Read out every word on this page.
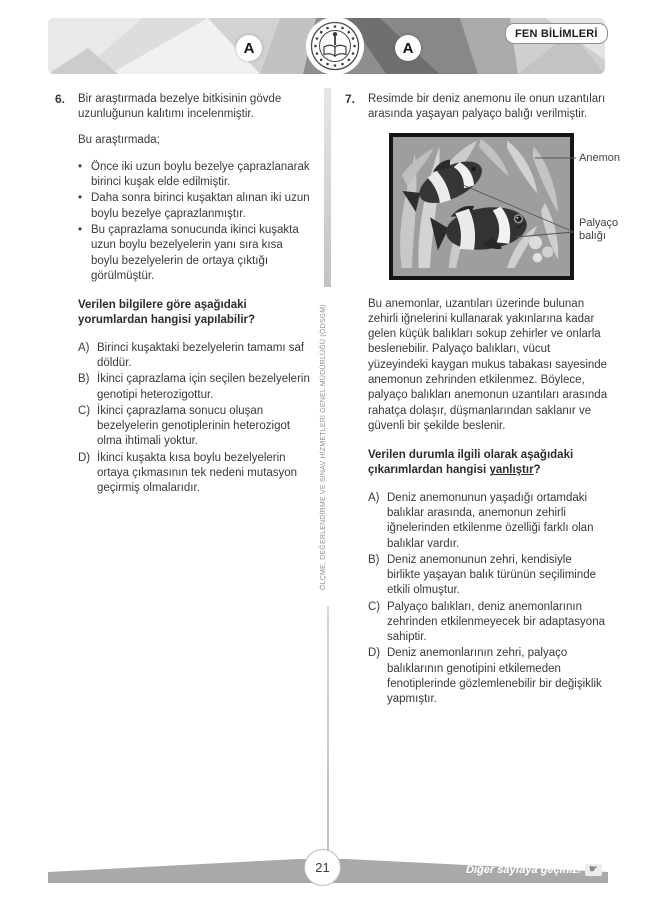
A	A
FEN BİLİMLERİ
ÖLÇME, DEĞERLENDİRME VE SINAV HİZMETLERİ GENEL MÜDÜRLÜĞÜ (ÖDSGM)
6.	Bir araştırmada bezelye bitkisinin gövde uzunluğunun kalıtımı incelenmiştir.

Bu araştırmada;

• Önce iki uzun boylu bezelye çaprazlanarak birinci kuşak elde edilmiştir.
• Daha sonra birinci kuşaktan alınan iki uzun boylu bezelye çaprazlanmıştır.
• Bu çaprazlama sonucunda ikinci kuşakta uzun boylu bezelyelerin yanı sıra kısa boylu bezelyelerin de ortaya çıktığı görülmüştür.
Verilen bilgilere göre aşağıdaki yorumlardan hangisi yapılabilir?
A) Birinci kuşaktaki bezelyelerin tamamı saf döldür.
B) İkinci çaprazlama için seçilen bezelyelerin genotipi heterozigottur.
C) İkinci çaprazlama sonucu oluşan bezelyelerin genotiplerinin heterozigot olma ihtimali yoktur.
D) İkinci kuşakta kısa boylu bezelyelerin ortaya çıkmasının tek nedeni mutasyon geçirmiş olmalarıdır.
7.	Resimde bir deniz anemonu ile onun uzantıları arasında yaşayan palyaço balığı verilmiştir.

Anemon
Palyaço balığı

Bu anemonlar, uzantıları üzerinde bulunan zehirli iğnelerini kullanarak yakınlarına kadar gelen küçük balıkları sokup zehirler ve onlarla beslenebilir. Palyaço balıkları, vücut yüzeyindeki kaygan mukus tabakası sayesinde anemonun zehrinden etkilenmez. Böylece, palyaço balıkları anemonun uzantıları arasında rahatça dolaşır, düşmanlarından saklanır ve güvenli bir şekilde beslenir.

Verilen durumla ilgili olarak aşağıdaki çıkarımlardan hangisi yanlıştır?
A) Deniz anemonunun yaşadığı ortamdaki balıklar arasında, anemonun zehirli iğnelerinden etkilenme özelliği farklı olan balıklar vardır.
B) Deniz anemonunun zehri, kendisiyle birlikte yaşayan balık türünün seçiliminde etkili olmuştur.
C) Palyaço balıkları, deniz anemonlarının zehrinden etkilenmeyecek bir adaptasyona sahiptir.
D) Deniz anemonlarının zehri, palyaço balıklarının genotipini etkilemeden fenotiplerinde gözlemlenebilir bir değişiklik yapmıştır.
21	Diğer sayfaya geçiniz. ☛
